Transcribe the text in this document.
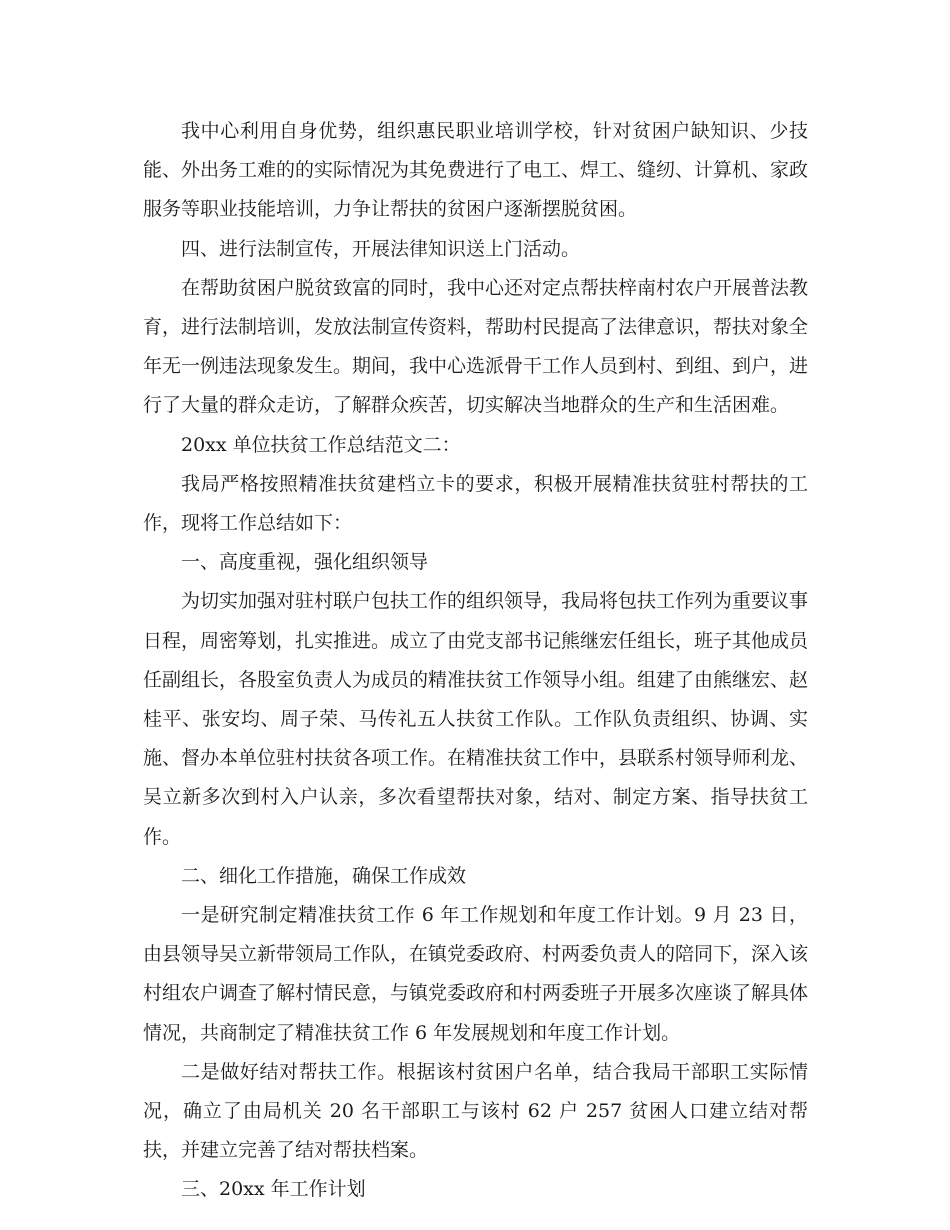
我中心利用自身优势，组织惠民职业培训学校，针对贫困户缺知识、少技能、外出务工难的的实际情况为其免费进行了电工、焊工、缝纫、计算机、家政服务等职业技能培训，力争让帮扶的贫困户逐渐摆脱贫困。

四、进行法制宣传，开展法律知识送上门活动。

在帮助贫困户脱贫致富的同时，我中心还对定点帮扶梓南村农户开展普法教育，进行法制培训，发放法制宣传资料，帮助村民提高了法律意识，帮扶对象全年无一例违法现象发生。期间，我中心选派骨干工作人员到村、到组、到户，进行了大量的群众走访，了解群众疾苦，切实解决当地群众的生产和生活困难。

20xx 单位扶贫工作总结范文二：

我局严格按照精准扶贫建档立卡的要求，积极开展精准扶贫驻村帮扶的工作，现将工作总结如下：

一、高度重视，强化组织领导

为切实加强对驻村联户包扶工作的组织领导，我局将包扶工作列为重要议事日程，周密筹划，扎实推进。成立了由党支部书记熊继宏任组长，班子其他成员任副组长，各股室负责人为成员的精准扶贫工作领导小组。组建了由熊继宏、赵桂平、张安均、周子荣、马传礼五人扶贫工作队。工作队负责组织、协调、实施、督办本单位驻村扶贫各项工作。在精准扶贫工作中，县联系村领导师利龙、吴立新多次到村入户认亲，多次看望帮扶对象，结对、制定方案、指导扶贫工作。

二、细化工作措施，确保工作成效

一是研究制定精准扶贫工作 6 年工作规划和年度工作计划。9 月 23 日，由县领导吴立新带领局工作队，在镇党委政府、村两委负责人的陪同下，深入该村组农户调查了解村情民意，与镇党委政府和村两委班子开展多次座谈了解具体情况，共商制定了精准扶贫工作 6 年发展规划和年度工作计划。

二是做好结对帮扶工作。根据该村贫困户名单，结合我局干部职工实际情况，确立了由局机关 20 名干部职工与该村 62 户 257 贫困人口建立结对帮扶，并建立完善了结对帮扶档案。

三、20xx 年工作计划
